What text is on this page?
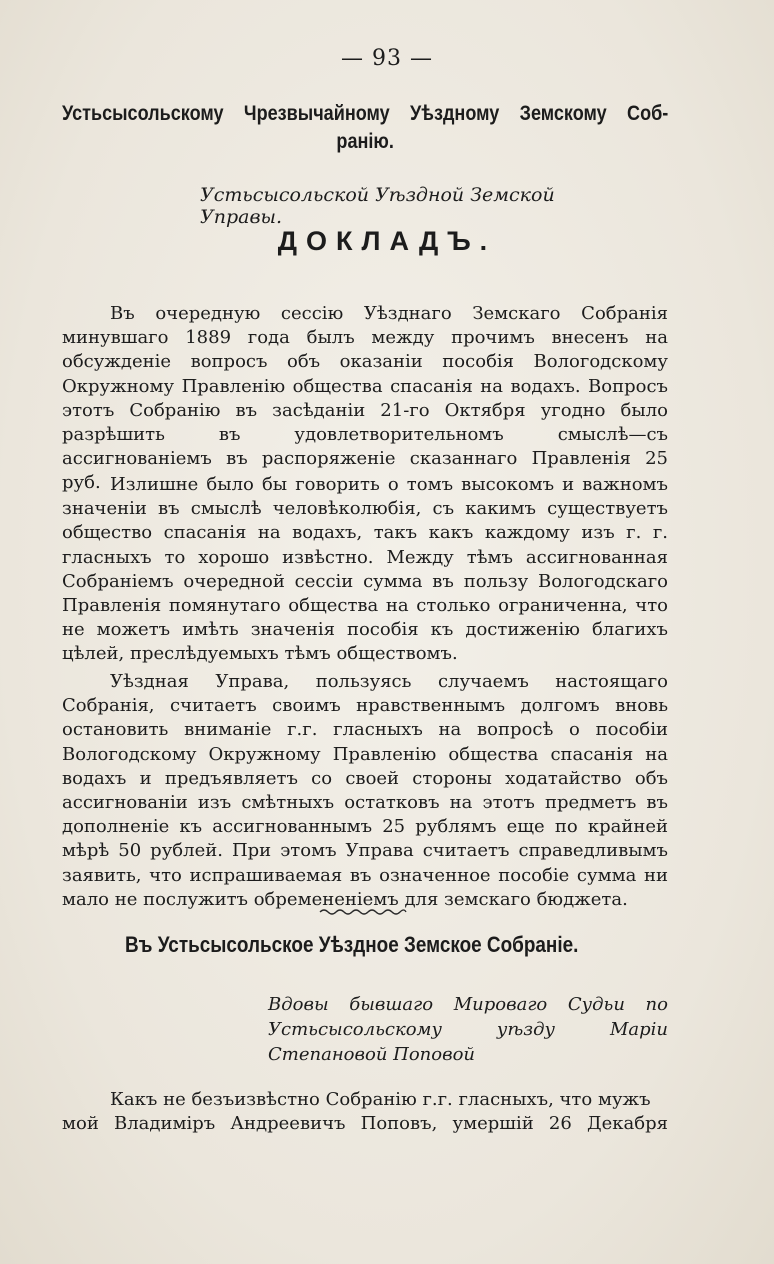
— 93 —
Устьсысольскому Чрезвычайному Уѣздному Земскому Соб-
ранію.
Устьсысольской Уѣздной Земской Управы.
ДОКЛАДЪ.

Въ очередную сессію Уѣзднаго Земскаго Собранія минувшаго 1889 года былъ между прочимъ внесенъ на обсужденіе вопросъ объ оказаніи пособія Вологодскому Окружному Правленію общества спасанія на водахъ. Вопросъ этотъ Собранію въ засѣданіи 21-го Октября угодно было разрѣшить въ удовлетворительномъ смыслѣ—съ ассигнованіемъ въ распоряженіе сказаннаго Правленія 25 руб. Излишне было бы говорить о томъ высокомъ и важномъ значеніи въ смыслѣ человѣколюбія, съ какимъ существуетъ общество спасанія на водахъ, такъ какъ каждому изъ г. г. гласныхъ то хорошо извѣстно. Между тѣмъ ассигнованная Собраніемъ очередной сессіи сумма въ пользу Вологодскаго Правленія помянутаго общества на столько ограниченна, что не можетъ имѣть значенія пособія къ достиженію благихъ цѣлей, преслѣдуемыхъ тѣмъ обществомъ.

Уѣздная Управа, пользуясь случаемъ настоящаго Собранія, считаетъ своимъ нравственнымъ долгомъ вновь остановить вниманіе г.г. гласныхъ на вопросѣ о пособіи Вологодскому Окружному Правленію общества спасанія на водахъ и предъявляетъ со своей стороны ходатайство объ ассигнованіи изъ смѣтныхъ остатковъ на этотъ предметъ въ дополненіе къ ассигнованнымъ 25 рублямъ еще по крайней мѣрѣ 50 рублей. При этомъ Управа считаетъ справедливымъ заявить, что испрашиваемая въ означенное пособіе сумма ни мало не послужитъ обремененіемъ для земскаго бюджета.

Въ Устьсысольское Уѣздное Земское Собраніе.
Вдовы бывшаго Мироваго Судьи по Устьсысольскому уѣзду Маріи Степановой Поповой
Какъ не безъизвѣстно Собранію г.г. гласныхъ, что мужъ
мой Владиміръ Андреевичъ Поповъ, умершій 26 Декабря
